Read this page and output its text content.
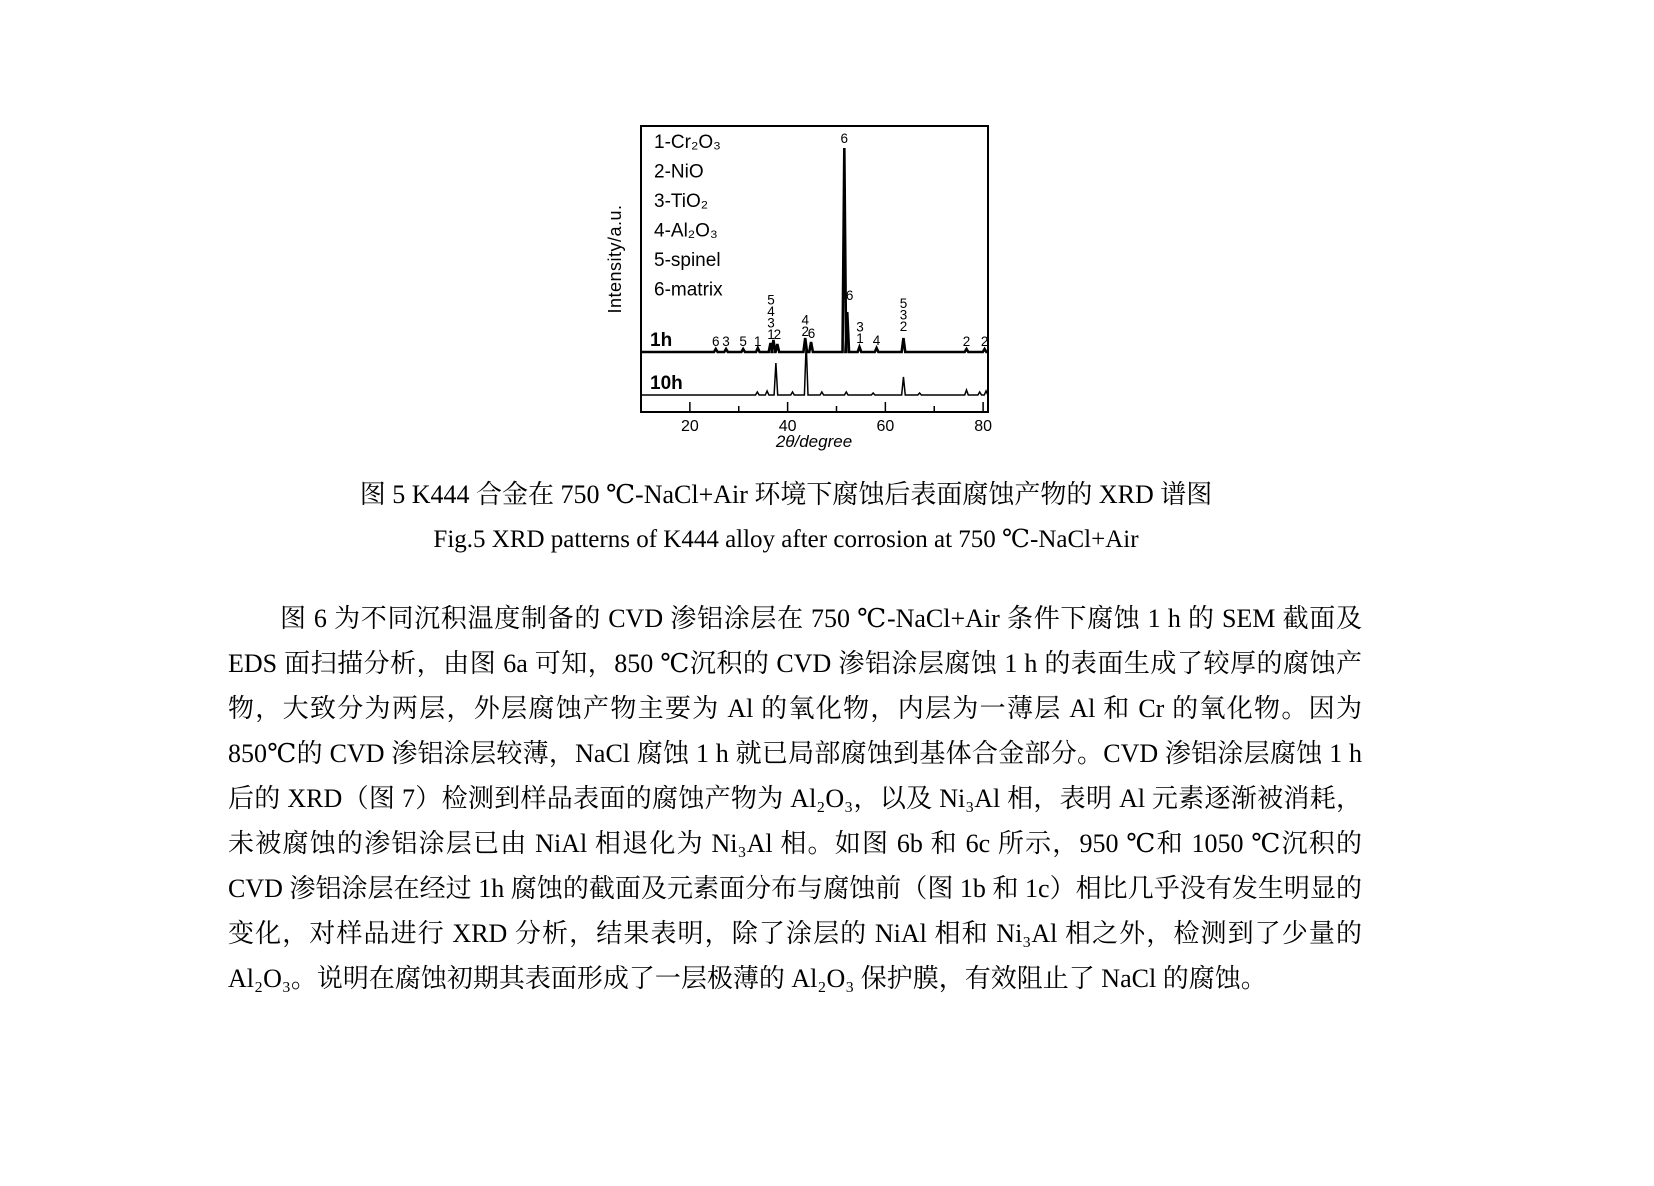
Intensity/a.u.
20	40	60	80
1-Cr₂O₃
2-NiO
3-TiO₂
4-Al₂O₃
5-spinel
6-matrix
1h	6 3 5 1 1
3
4
5
2 2
4
6
6
6
1
3
4
2
3
5
2 2
10h
2θ/degree
图 5 K444 合金在 750 ℃-NaCl+Air 环境下腐蚀后表面腐蚀产物的 XRD 谱图
Fig.5 XRD patterns of K444 alloy after corrosion at 750 ℃-NaCl+Air

图 6 为不同沉积温度制备的 CVD 渗铝涂层在 750 ℃-NaCl+Air 条件下腐蚀 1 h 的 SEM 截面及 EDS 面扫描分析，由图 6a 可知，850 ℃沉积的 CVD 渗铝涂层腐蚀 1 h 的表面生成了较厚的腐蚀产物，大致分为两层，外层腐蚀产物主要为 Al 的氧化物，内层为一薄层 Al 和 Cr 的氧化物。因为 850℃的 CVD 渗铝涂层较薄，NaCl 腐蚀 1 h 就已局部腐蚀到基体合金部分。CVD 渗铝涂层腐蚀 1 h 后的 XRD（图 7）检测到样品表面的腐蚀产物为 Al₂O₃，以及 Ni₃Al 相，表明 Al 元素逐渐被消耗，未被腐蚀的渗铝涂层已由 NiAl 相退化为 Ni₃Al 相。如图 6b 和 6c 所示，950 ℃和 1050 ℃沉积的 CVD 渗铝涂层在经过 1h 腐蚀的截面及元素面分布与腐蚀前（图 1b 和 1c）相比几乎没有发生明显的变化，对样品进行 XRD 分析，结果表明，除了涂层的 NiAl 相和 Ni₃Al 相之外，检测到了少量的 Al₂O₃。说明在腐蚀初期其表面形成了一层极薄的 Al₂O₃ 保护膜，有效阻止了 NaCl 的腐蚀。
